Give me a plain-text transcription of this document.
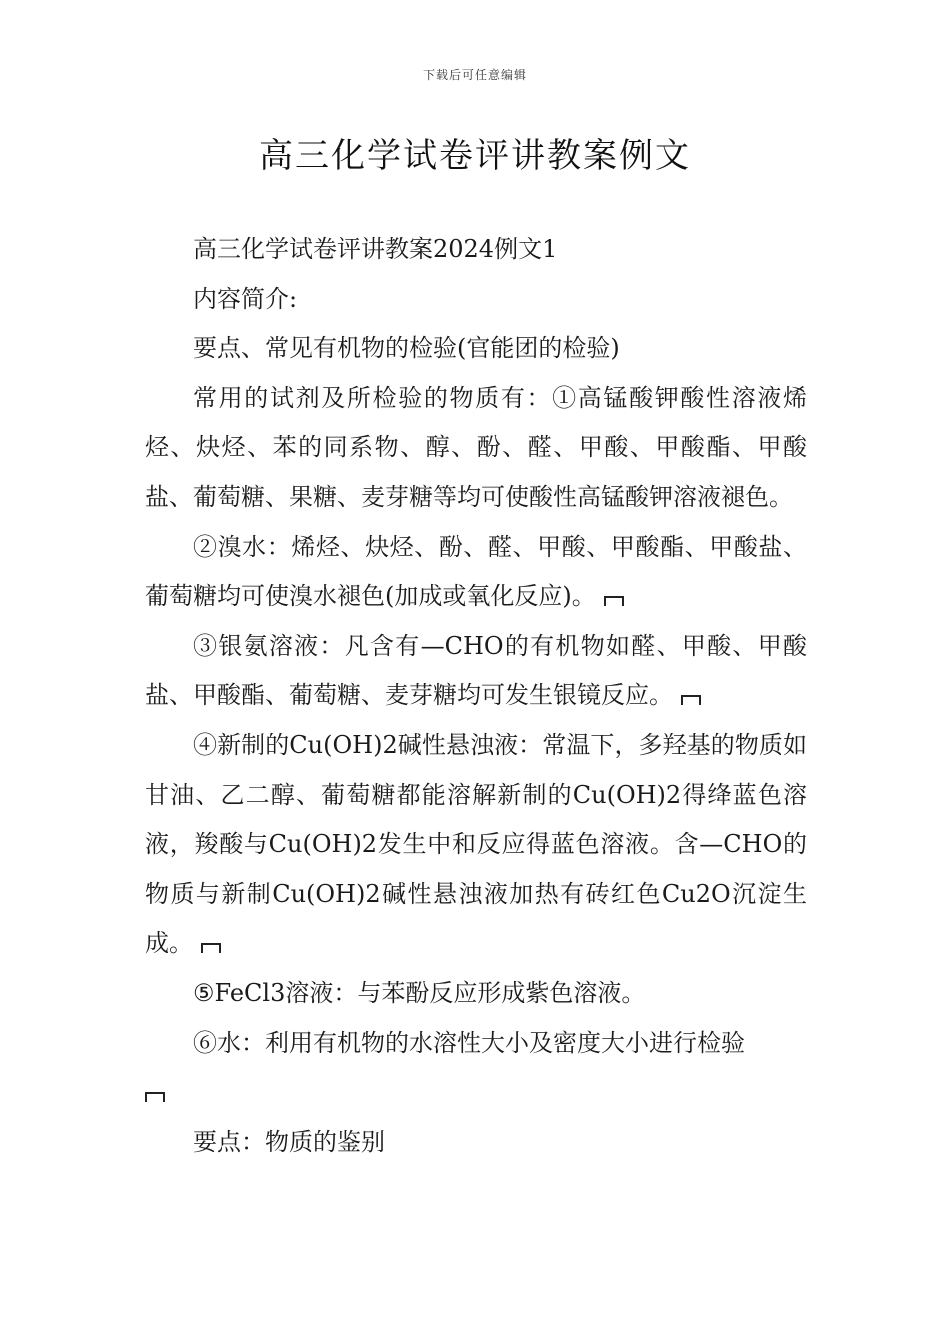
下载后可任意编辑
高三化学试卷评讲教案例文

高三化学试卷评讲教案2024例文1

内容简介:

要点、常见有机物的检验(官能团的检验)

常用的试剂及所检验的物质有：①高锰酸钾酸性溶液烯烃、炔烃、苯的同系物、醇、酚、醛、甲酸、甲酸酯、甲酸盐、葡萄糖、果糖、麦芽糖等均可使酸性高锰酸钾溶液褪色。

②溴水：烯烃、炔烃、酚、醛、甲酸、甲酸酯、甲酸盐、葡萄糖均可使溴水褪色(加成或氧化反应)。

③银氨溶液：凡含有—CHO的有机物如醛、甲酸、甲酸盐、甲酸酯、葡萄糖、麦芽糖均可发生银镜反应。

④新制的Cu(OH)2碱性悬浊液：常温下，多羟基的物质如甘油、乙二醇、葡萄糖都能溶解新制的Cu(OH)2得绛蓝色溶液，羧酸与Cu(OH)2发生中和反应得蓝色溶液。含—CHO的物质与新制Cu(OH)2碱性悬浊液加热有砖红色Cu2O沉淀生成。

⑤FeCl3溶液：与苯酚反应形成紫色溶液。

⑥水：利用有机物的水溶性大小及密度大小进行检验

要点：物质的鉴别
